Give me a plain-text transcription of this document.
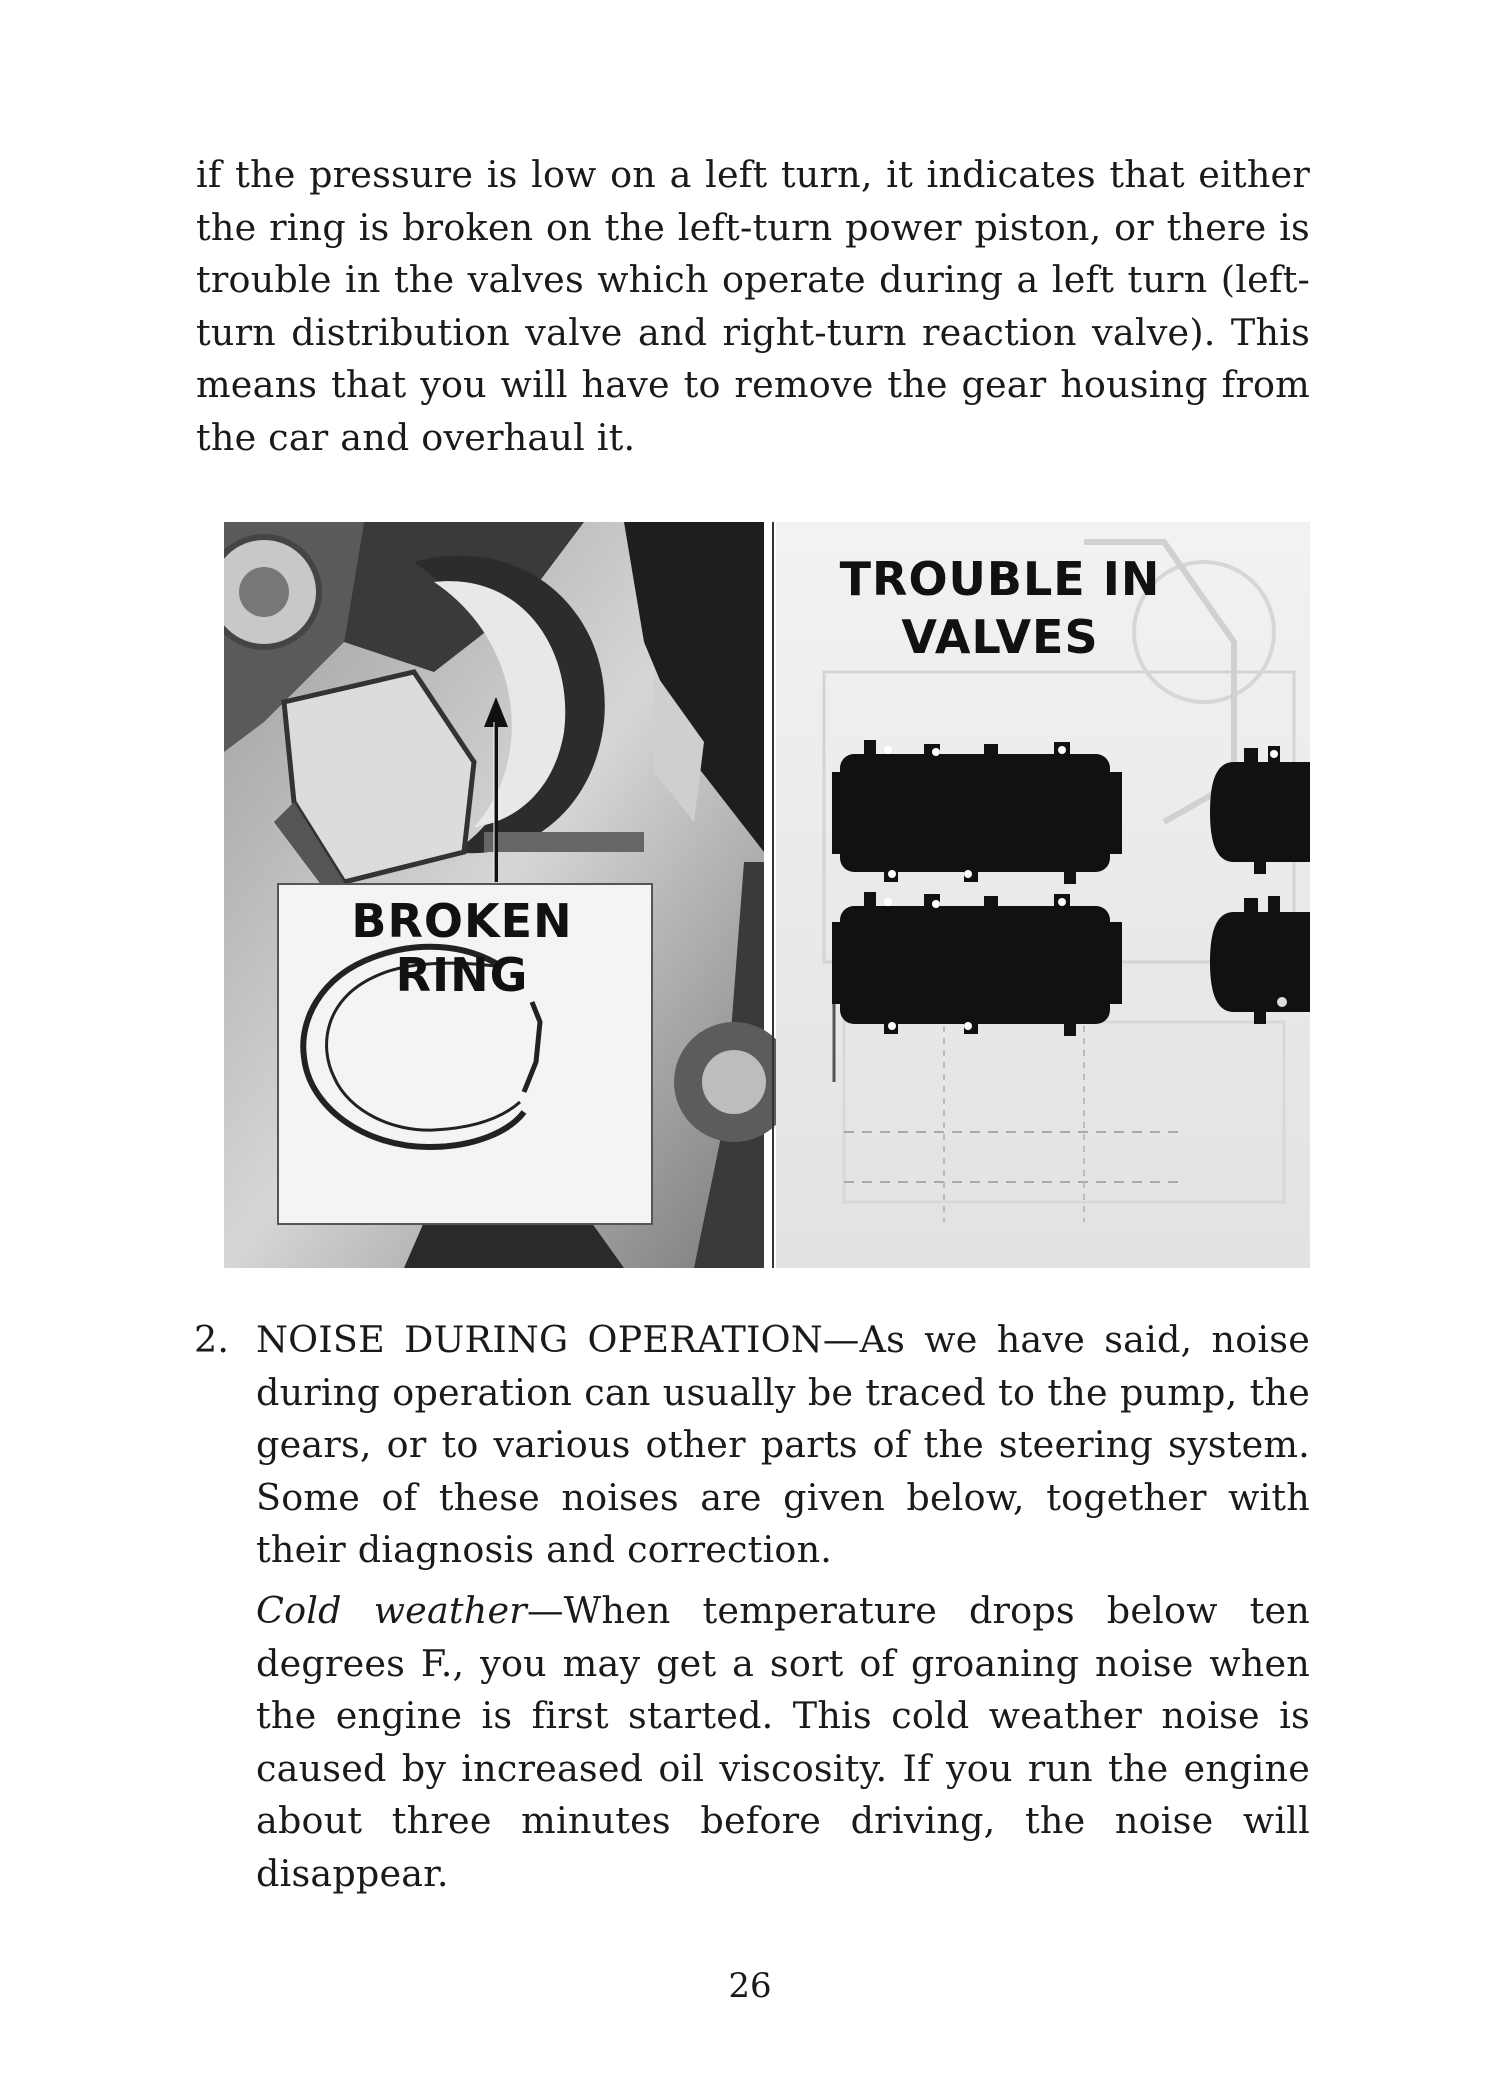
if the pressure is low on a left turn, it indicates that either the ring is broken on the left-turn power piston, or there is trouble in the valves which operate during a left turn (left-turn distribution valve and right-turn reaction valve). This means that you will have to remove the gear housing from the car and overhaul it.

BROKEN RING
TROUBLE IN
VALVES

2. NOISE DURING OPERATION—As we have said, noise during operation can usually be traced to the pump, the gears, or to various other parts of the steering system. Some of these noises are given below, together with their diagnosis and correction.

Cold weather—When temperature drops below ten degrees F., you may get a sort of groaning noise when the engine is first started. This cold weather noise is caused by increased oil viscosity. If you run the engine about three minutes before driving, the noise will disappear.

26
